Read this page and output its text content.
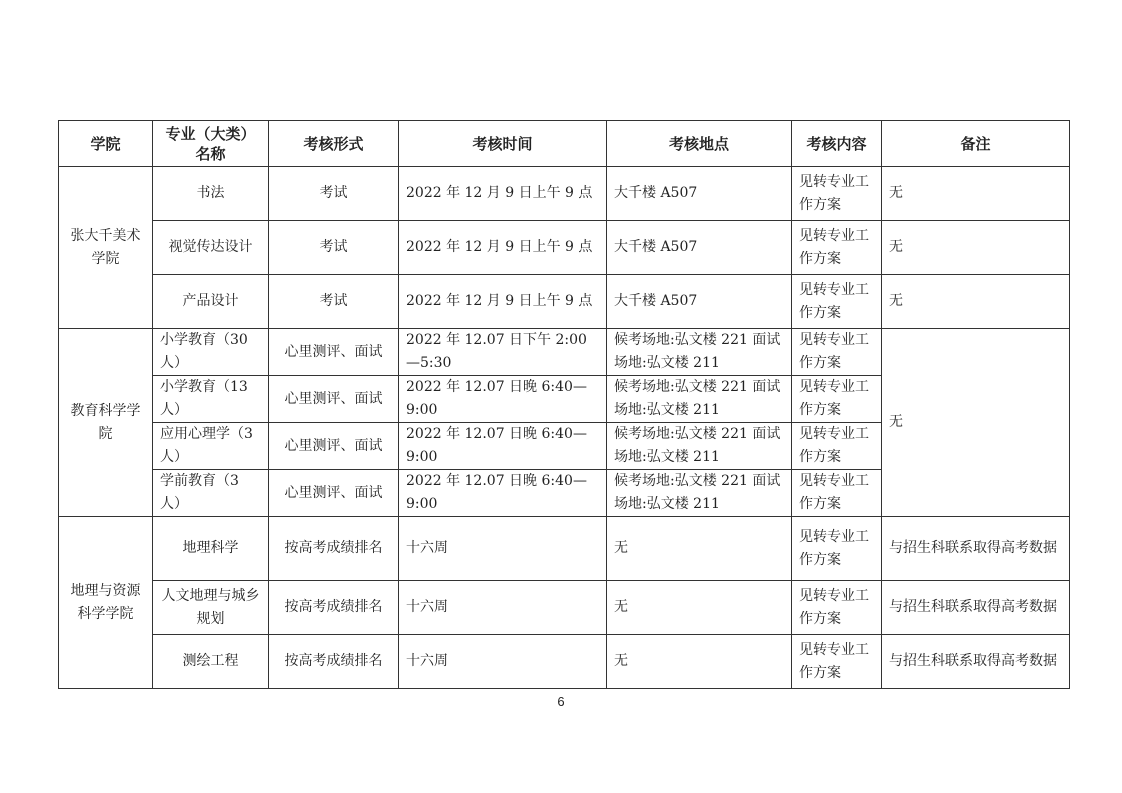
学院	专业（大类）名称	考核形式	考核时间	考核地点	考核内容	备注
张大千美术学院	书法	考试	2022 年 12 月 9 日上午 9 点	大千楼 A507	见转专业工作方案	无
	视觉传达设计	考试	2022 年 12 月 9 日上午 9 点	大千楼 A507	见转专业工作方案	无
	产品设计	考试	2022 年 12 月 9 日上午 9 点	大千楼 A507	见转专业工作方案	无
教育科学学院	小学教育（30 人）	心里测评、面试	2022 年 12.07 日下午 2:00—5:30	候考场地:弘文楼 221 面试场地:弘文楼 211	见转专业工作方案	无
	小学教育（13 人）	心里测评、面试	2022 年 12.07 日晚 6:40—9:00	候考场地:弘文楼 221 面试场地:弘文楼 211	见转专业工作方案	
	应用心理学（3 人）	心里测评、面试	2022 年 12.07 日晚 6:40—9:00	候考场地:弘文楼 221 面试场地:弘文楼 211	见转专业工作方案	
	学前教育（3 人）	心里测评、面试	2022 年 12.07 日晚 6:40—9:00	候考场地:弘文楼 221 面试场地:弘文楼 211	见转专业工作方案	
地理与资源科学学院	地理科学	按高考成绩排名	十六周	无	见转专业工作方案	与招生科联系取得高考数据
	人文地理与城乡规划	按高考成绩排名	十六周	无	见转专业工作方案	与招生科联系取得高考数据
	测绘工程	按高考成绩排名	十六周	无	见转专业工作方案	与招生科联系取得高考数据
6
